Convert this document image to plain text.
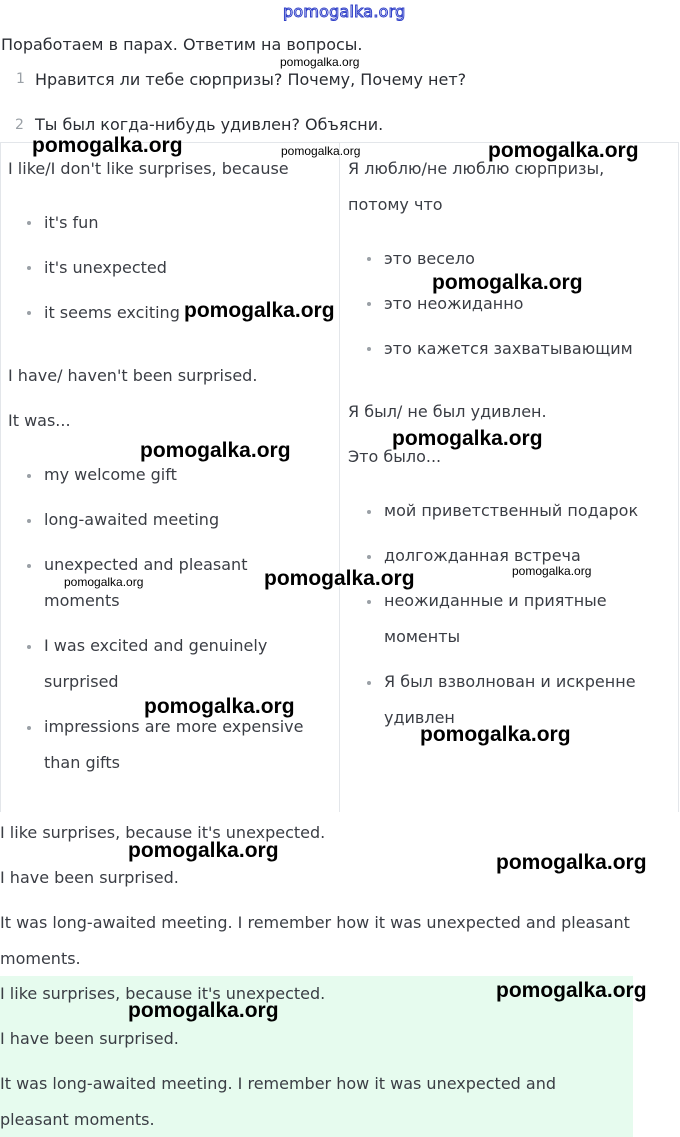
pomogalka.org
Поработаем в парах. Ответим на вопросы.
1 Нравится ли тебе сюрпризы? Почему, Почему нет?
2 Ты был когда-нибудь удивлен? Объясни.
I like/I don't like surprises, because
it's fun
it's unexpected
it seems exciting
I have/ haven't been surprised.
It was...
my welcome gift
long-awaited meeting
unexpected and pleasant
moments
I was excited and genuinely
surprised
impressions are more expensive
than gifts
Я люблю/не люблю сюрпризы,
потому что
это весело
это неожиданно
это кажется захватывающим
Я был/ не был удивлен.
Это было...
мой приветственный подарок
долгожданная встреча
неожиданные и приятные
моменты
Я был взволнован и искренне
удивлен
I like surprises, because it's unexpected.
I have been surprised.
It was long-awaited meeting. I remember how it was unexpected and pleasant
moments.
I like surprises, because it's unexpected.
I have been surprised.
It was long-awaited meeting. I remember how it was unexpected and
pleasant moments.
pomogalka.org
pomogalka.org	pomogalka.org	pomogalka.org
pomogalka.org
pomogalka.org
pomogalka.org
pomogalka.org
pomogalka.org
pomogalka.org
pomogalka.org
pomogalka.org
pomogalka.org
pomogalka.org
pomogalka.org
pomogalka.org
pomogalka.org
